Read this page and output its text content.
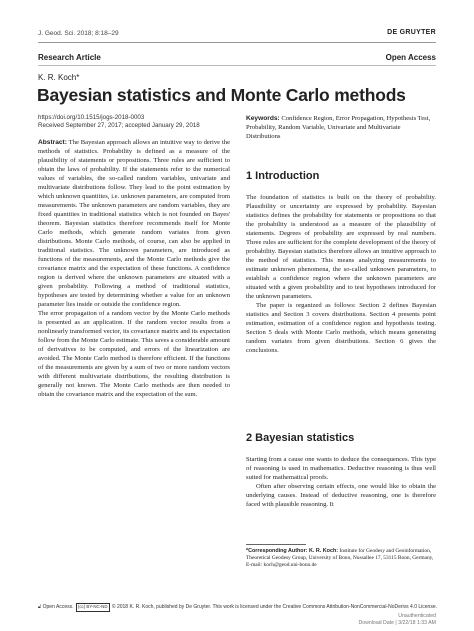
J. Geod. Sci. 2018; 8:18–29	DE GRUYTER
Research Article	Open Access
K. R. Koch*
Bayesian statistics and Monte Carlo methods
https://doi.org/10.1515/jogs-2018-0003
Received September 27, 2017; accepted January 29, 2018

Abstract: The Bayesian approach allows an intuitive way to derive the methods of statistics. Probability is defined as a measure of the plausibility of statements or propositions. Three rules are sufficient to obtain the laws of probability. If the statements refer to the numerical values of variables, the so-called random variables, univariate and multivariate distributions follow. They lead to the point estimation by which unknown quantities, i.e. unknown parameters, are computed from measurements. The unknown parameters are random variables, they are fixed quantities in traditional statistics which is not founded on Bayes' theorem. Bayesian statistics therefore recommends itself for Monte Carlo methods, which generate random variates from given distributions. Monte Carlo methods, of course, can also be applied in traditional statistics. The unknown parameters, are introduced as functions of the measurements, and the Monte Carlo methods give the covariance matrix and the expectation of these functions. A confidence region is derived where the unknown parameters are situated with a given probability. Following a method of traditional statistics, hypotheses are tested by determining whether a value for an unknown parameter lies inside or outside the confidence region.

The error propagation of a random vector by the Monte Carlo methods is presented as an application. If the random vector results from a nonlinearly transformed vector, its covariance matrix and its expectation follow from the Monte Carlo estimate. This saves a considerable amount of derivatives to be computed, and errors of the linearization are avoided. The Monte Carlo method is therefore efficient. If the functions of the measurements are given by a sum of two or more random vectors with different multivariate distributions, the resulting distribution is generally not known. The Monte Carlo methods are then needed to obtain the covariance matrix and the expectation of the sum.

Keywords: Confidence Region, Error Propagation, Hypothesis Test, Probability, Random Variable, Univariate and Multivariate Distributions
1 Introduction

The foundation of statistics is built on the theory of probability. Plausibility or uncertainty are expressed by probability. Bayesian statistics defines the probability for statements or propositions so that the probability is understood as a measure of the plausibility of statements. Degrees of probability are expressed by real numbers. Three rules are sufficient for the complete development of the theory of probability. Bayesian statistics therefore allows an intuitive approach to the method of statistics. This means analyzing measurements to estimate unknown phenomena, the so-called unknown parameters, to establish a confidence region where the unknown parameters are situated with a given probability and to test hypotheses introduced for the unknown parameters.

The paper is organized as follows: Section 2 defines Bayesian statistics and Section 3 covers distributions. Section 4 presents point estimation, estimation of a confidence region and hypothesis testing. Section 5 deals with Monte Carlo methods, which means generating random variates from given distributions. Section 6 gives the conclusions.

2 Bayesian statistics

Starting from a cause one wants to deduce the consequences. This type of reasoning is used in mathematics. Deductive reasoning is thus well suited for mathematical proofs.

Often after observing certain effects, one would like to obtain the underlying causes. Instead of deductive reasoning, one is therefore faced with plausible reasoning. It

*Corresponding Author: K. R. Koch: Institute for Geodesy and Geoinformation, Theoretical Geodesy Group, University of Bonn, Nussallee 17, 53115 Bonn, Germany, E-mail: koch@geod.uni-bonn.de
🔓︎ Open Access. (cc) BY-NC-ND © 2018 K. R. Koch, published by De Gruyter. This work is licensed under the Creative Commons Attribution-NonCommercial-NoDerivs 4.0 License.
Unauthenticated
Download Date | 3/22/18 1:33 AM
